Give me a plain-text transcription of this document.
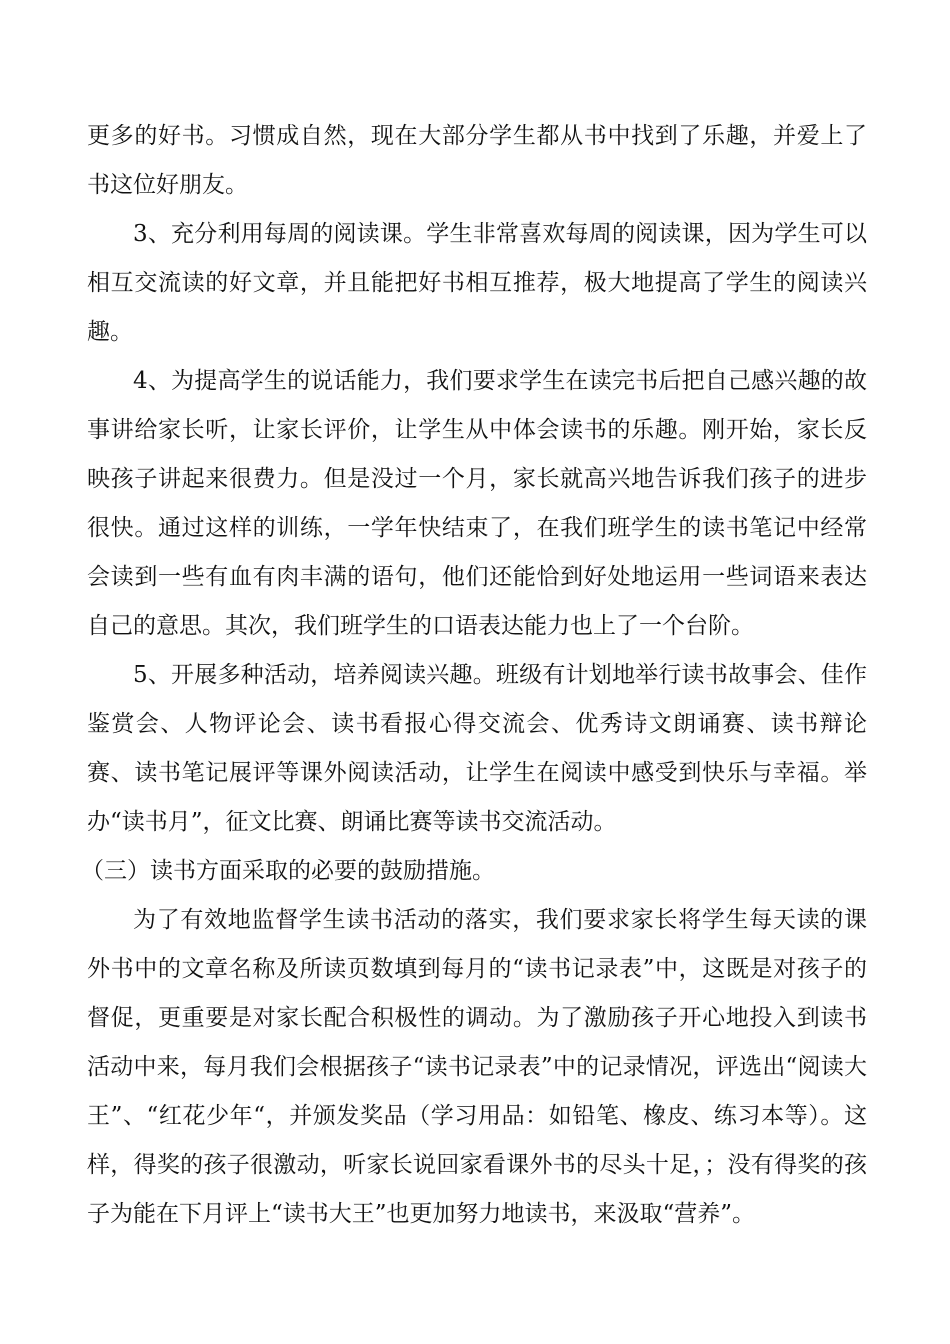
更多的好书。习惯成自然，现在大部分学生都从书中找到了乐趣，并爱上了书这位好朋友。

3、充分利用每周的阅读课。学生非常喜欢每周的阅读课，因为学生可以相互交流读的好文章，并且能把好书相互推荐，极大地提高了学生的阅读兴趣。

4、为提高学生的说话能力，我们要求学生在读完书后把自己感兴趣的故事讲给家长听，让家长评价，让学生从中体会读书的乐趣。刚开始，家长反映孩子讲起来很费力。但是没过一个月，家长就高兴地告诉我们孩子的进步很快。通过这样的训练，一学年快结束了，在我们班学生的读书笔记中经常会读到一些有血有肉丰满的语句，他们还能恰到好处地运用一些词语来表达自己的意思。其次，我们班学生的口语表达能力也上了一个台阶。

5、开展多种活动，培养阅读兴趣。班级有计划地举行读书故事会、佳作鉴赏会、人物评论会、读书看报心得交流会、优秀诗文朗诵赛、读书辩论赛、读书笔记展评等课外阅读活动，让学生在阅读中感受到快乐与幸福。举办“读书月”，征文比赛、朗诵比赛等读书交流活动。

（三）读书方面采取的必要的鼓励措施。

为了有效地监督学生读书活动的落实，我们要求家长将学生每天读的课外书中的文章名称及所读页数填到每月的“读书记录表”中，这既是对孩子的督促，更重要是对家长配合积极性的调动。为了激励孩子开心地投入到读书活动中来，每月我们会根据孩子“读书记录表”中的记录情况，评选出“阅读大王”、“红花少年“，并颁发奖品（学习用品：如铅笔、橡皮、练习本等）。这样，得奖的孩子很激动，听家长说回家看课外书的尽头十足，；没有得奖的孩子为能在下月评上“读书大王”也更加努力地读书，来汲取“营养”。
